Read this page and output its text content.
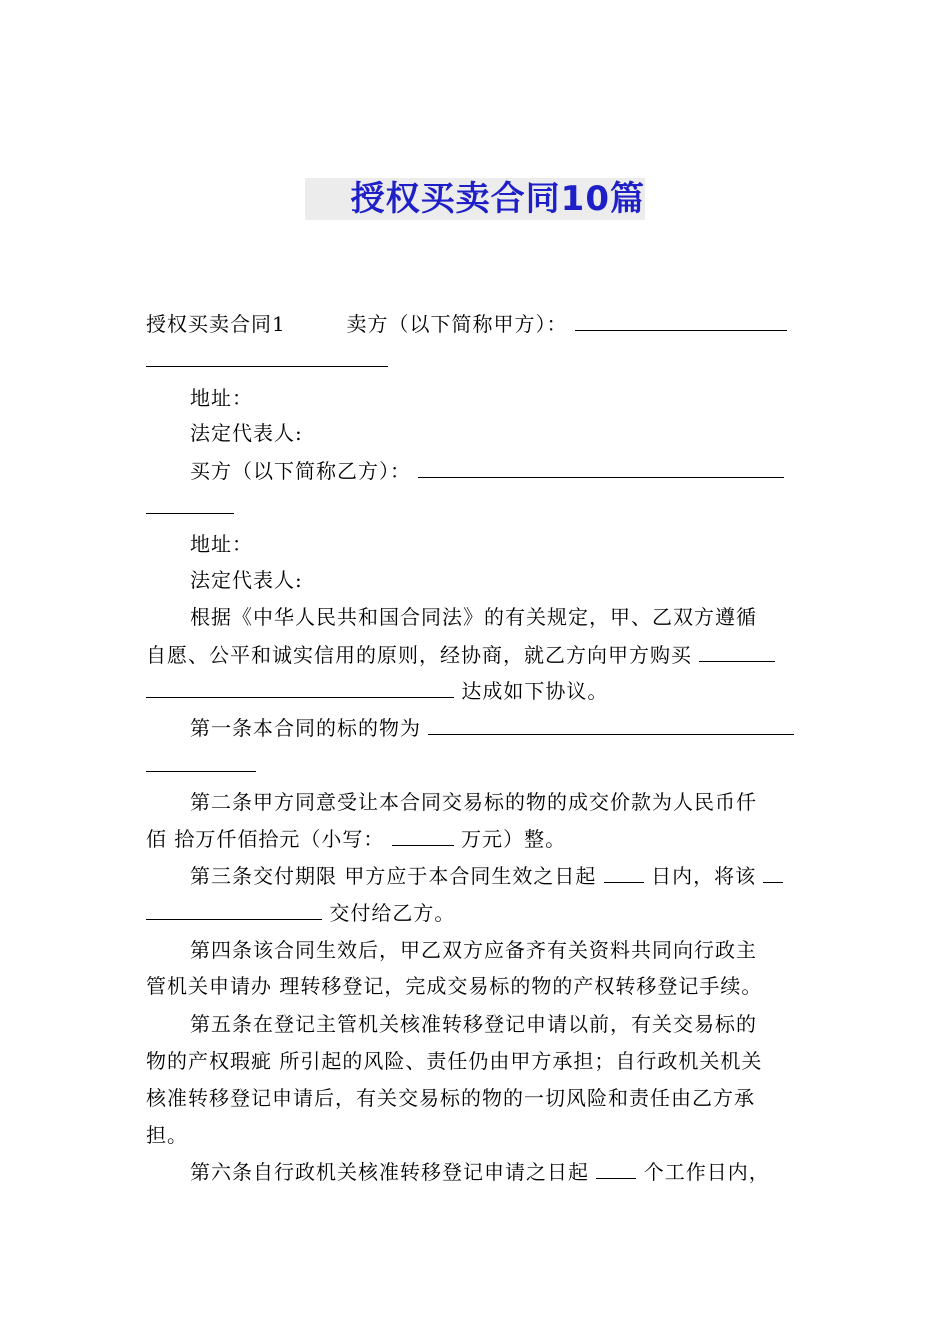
授权买卖合同10篇
授权买卖合同1	卖方（以下简称甲方）：
地址：
法定代表人:
买方（以下简称乙方）：
地址：
法定代表人:
根据《中华人民共和国合同法》的有关规定，甲、乙双方遵循
自愿、公平和诚实信用的原则，经协商，就乙方向甲方购买
达成如下协议。
第一条本合同的标的物为
第二条甲方同意受让本合同交易标的物的成交价款为人民币仟
佰 拾万仟佰拾元（小写：	万元）整。
第三条交付期限 甲方应于本合同生效之日起	日内，将该
交付给乙方。
第四条该合同生效后，甲乙双方应备齐有关资料共同向行政主
管机关申请办 理转移登记，完成交易标的物的产权转移登记手续。
第五条在登记主管机关核准转移登记申请以前，有关交易标的
物的产权瑕疵 所引起的风险、责任仍由甲方承担；自行政机关机关
核准转移登记申请后，有关交易标的物的一切风险和责任由乙方承
担。
第六条自行政机关核准转移登记申请之日起	个工作日内，
